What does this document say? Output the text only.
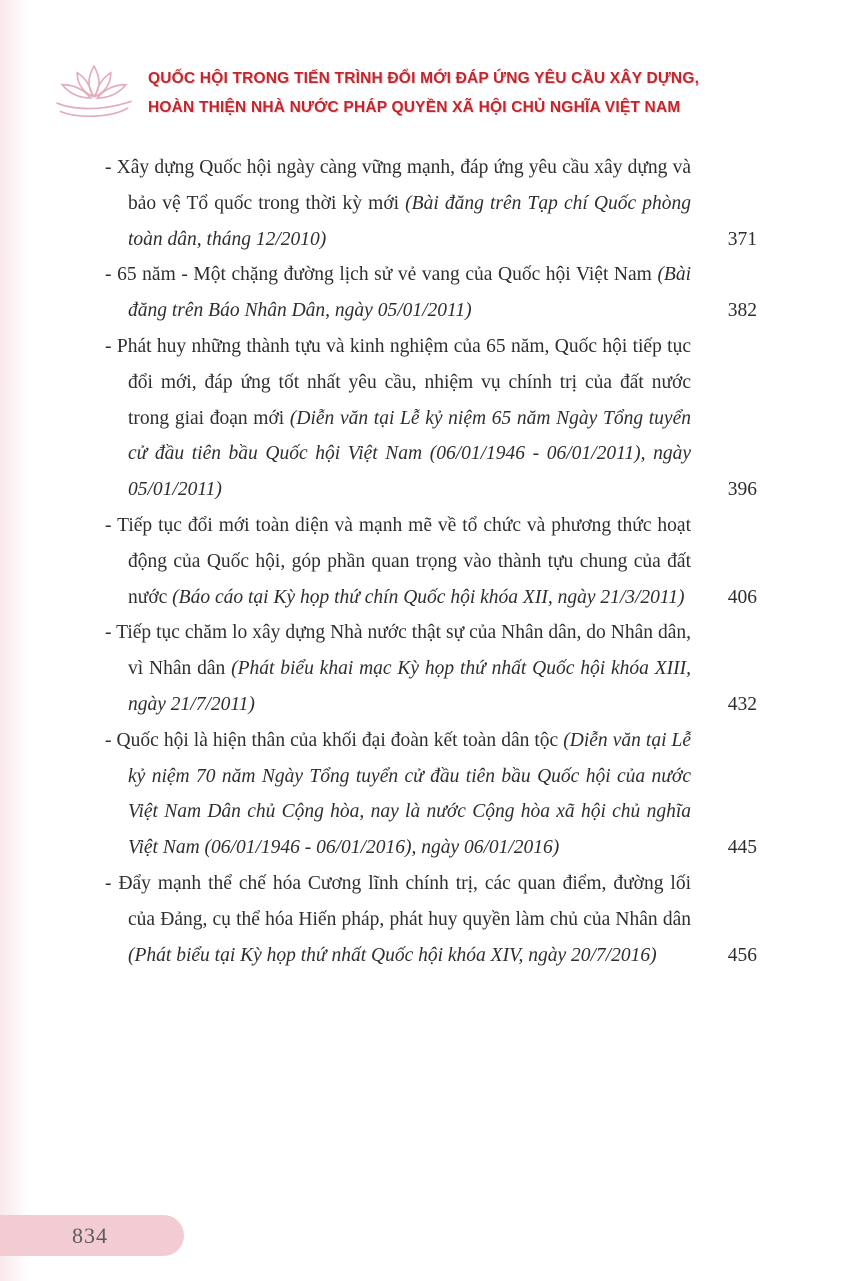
QUỐC HỘI TRONG TIẾN TRÌNH ĐỔI MỚI ĐÁP ỨNG YÊU CẦU XÂY DỰNG,
HOÀN THIỆN NHÀ NƯỚC PHÁP QUYỀN XÃ HỘI CHỦ NGHĨA VIỆT NAM

- Xây dựng Quốc hội ngày càng vững mạnh, đáp ứng yêu cầu xây dựng và bảo vệ Tổ quốc trong thời kỳ mới (Bài đăng trên Tạp chí Quốc phòng toàn dân, tháng 12/2010)	371

- 65 năm - Một chặng đường lịch sử vẻ vang của Quốc hội Việt Nam (Bài đăng trên Báo Nhân Dân, ngày 05/01/2011)	382

- Phát huy những thành tựu và kinh nghiệm của 65 năm, Quốc hội tiếp tục đổi mới, đáp ứng tốt nhất yêu cầu, nhiệm vụ chính trị của đất nước trong giai đoạn mới (Diễn văn tại Lễ kỷ niệm 65 năm Ngày Tổng tuyển cử đầu tiên bầu Quốc hội Việt Nam (06/01/1946 - 06/01/2011), ngày 05/01/2011)	396

- Tiếp tục đổi mới toàn diện và mạnh mẽ về tổ chức và phương thức hoạt động của Quốc hội, góp phần quan trọng vào thành tựu chung của đất nước (Báo cáo tại Kỳ họp thứ chín Quốc hội khóa XII, ngày 21/3/2011)	406

- Tiếp tục chăm lo xây dựng Nhà nước thật sự của Nhân dân, do Nhân dân, vì Nhân dân (Phát biểu khai mạc Kỳ họp thứ nhất Quốc hội khóa XIII, ngày 21/7/2011)	432

- Quốc hội là hiện thân của khối đại đoàn kết toàn dân tộc (Diễn văn tại Lễ kỷ niệm 70 năm Ngày Tổng tuyển cử đầu tiên bầu Quốc hội của nước Việt Nam Dân chủ Cộng hòa, nay là nước Cộng hòa xã hội chủ nghĩa Việt Nam (06/01/1946 - 06/01/2016), ngày 06/01/2016)	445

- Đẩy mạnh thể chế hóa Cương lĩnh chính trị, các quan điểm, đường lối của Đảng, cụ thể hóa Hiến pháp, phát huy quyền làm chủ của Nhân dân (Phát biểu tại Kỳ họp thứ nhất Quốc hội khóa XIV, ngày 20/7/2016)	456
834
